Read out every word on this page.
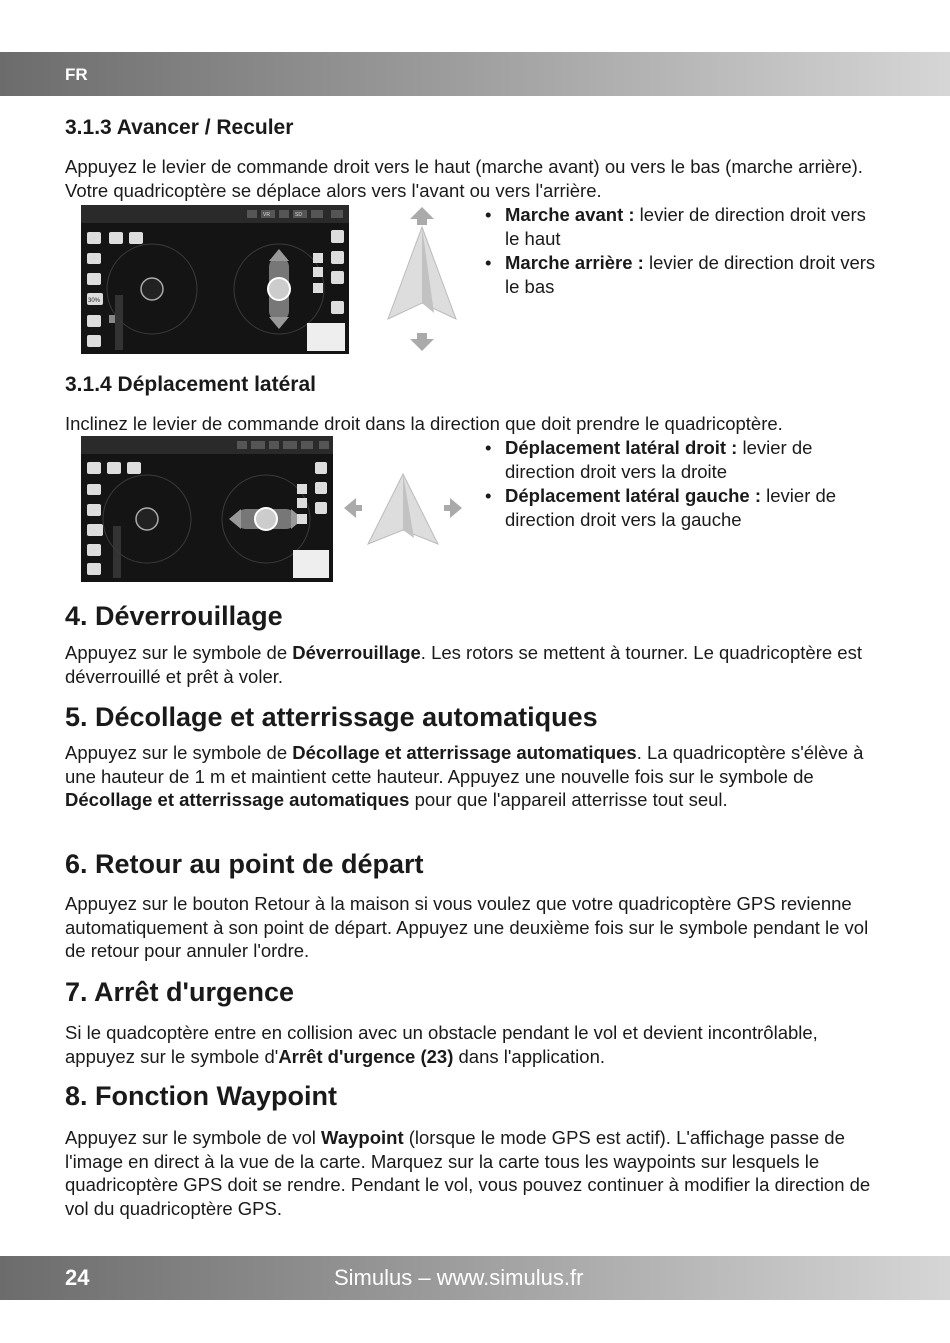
FR
3.1.3 Avancer / Reculer

Appuyez le levier de commande droit vers le haut (marche avant) ou vers le bas (marche arrière). Votre quadricoptère se déplace alors vers l'avant ou vers l'arrière.

VR	SD
30%
• Marche avant : levier de direction droit vers le haut
• Marche arrière : levier de direction droit vers le bas
3.1.4 Déplacement latéral

Inclinez le levier de commande droit dans la direction que doit prendre le quadricoptère.

• Déplacement latéral droit : levier de direction droit vers la droite
• Déplacement latéral gauche : levier de direction droit vers la gauche
4. Déverrouillage

Appuyez sur le symbole de Déverrouillage. Les rotors se mettent à tourner. Le quadricoptère est déverrouillé et prêt à voler.

5. Décollage et atterrissage automatiques

Appuyez sur le symbole de Décollage et atterrissage automatiques. La quadricoptère s'élève à une hauteur de 1 m et maintient cette hauteur. Appuyez une nouvelle fois sur le symbole de Décollage et atterrissage automatiques pour que l'appareil atterrisse tout seul.

6. Retour au point de départ

Appuyez sur le bouton Retour à la maison si vous voulez que votre quadricoptère GPS revienne automatiquement à son point de départ. Appuyez une deuxième fois sur le symbole pendant le vol de retour pour annuler l'ordre.

7. Arrêt d'urgence

Si le quadcoptère entre en collision avec un obstacle pendant le vol et devient incontrôlable, appuyez sur le symbole d'Arrêt d'urgence (23) dans l'application.

8. Fonction Waypoint

Appuyez sur le symbole de vol Waypoint (lorsque le mode GPS est actif). L'affichage passe de l'image en direct à la vue de la carte. Marquez sur la carte tous les waypoints sur lesquels le quadricoptère GPS doit se rendre. Pendant le vol, vous pouvez continuer à modifier la direction de vol du quadricoptère GPS.

24	Simulus – www.simulus.fr
